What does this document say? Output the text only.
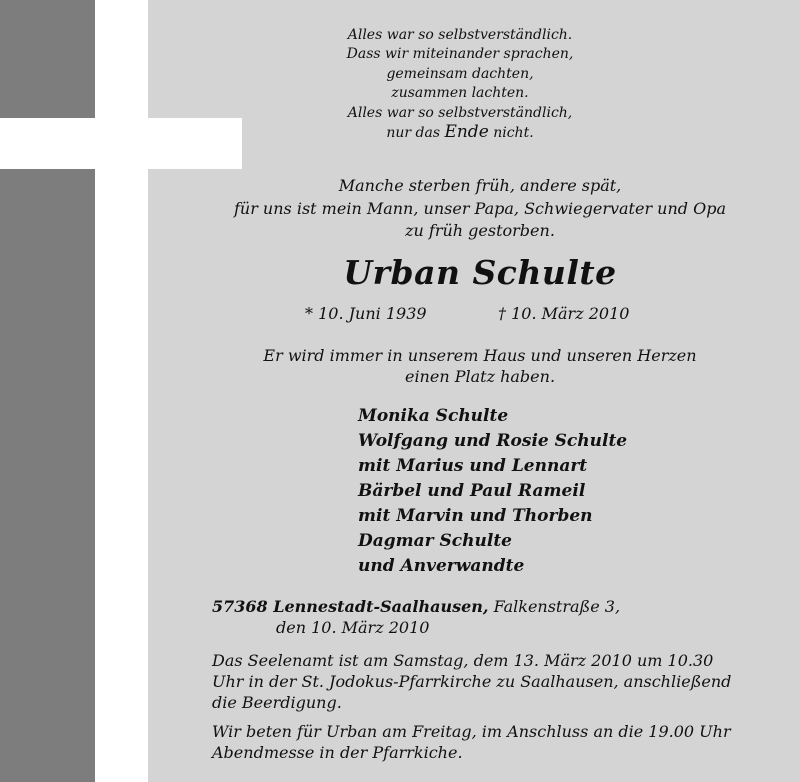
Alles war so selbstverständlich.
Dass wir miteinander sprachen,
gemeinsam dachten,
zusammen lachten.
Alles war so selbstverständlich,
nur das Ende nicht.
Manche sterben früh, andere spät,
für uns ist mein Mann, unser Papa, Schwiegervater und Opa
zu früh gestorben.
Urban Schulte
* 10. Juni 1939	† 10. März 2010
Er wird immer in unserem Haus und unseren Herzen
einen Platz haben.
Monika Schulte
Wolfgang und Rosie Schulte
mit Marius und Lennart
Bärbel und Paul Rameil
mit Marvin und Thorben
Dagmar Schulte
und Anverwandte
57368 Lennestadt-Saalhausen, Falkenstraße 3,
den 10. März 2010
Das Seelenamt ist am Samstag, dem 13. März 2010 um 10.30 Uhr in der St. Jodokus-Pfarrkirche zu Saalhausen, anschließend die Beerdigung.
Wir beten für Urban am Freitag, im Anschluss an die 19.00 Uhr Abendmesse in der Pfarrkiche.
